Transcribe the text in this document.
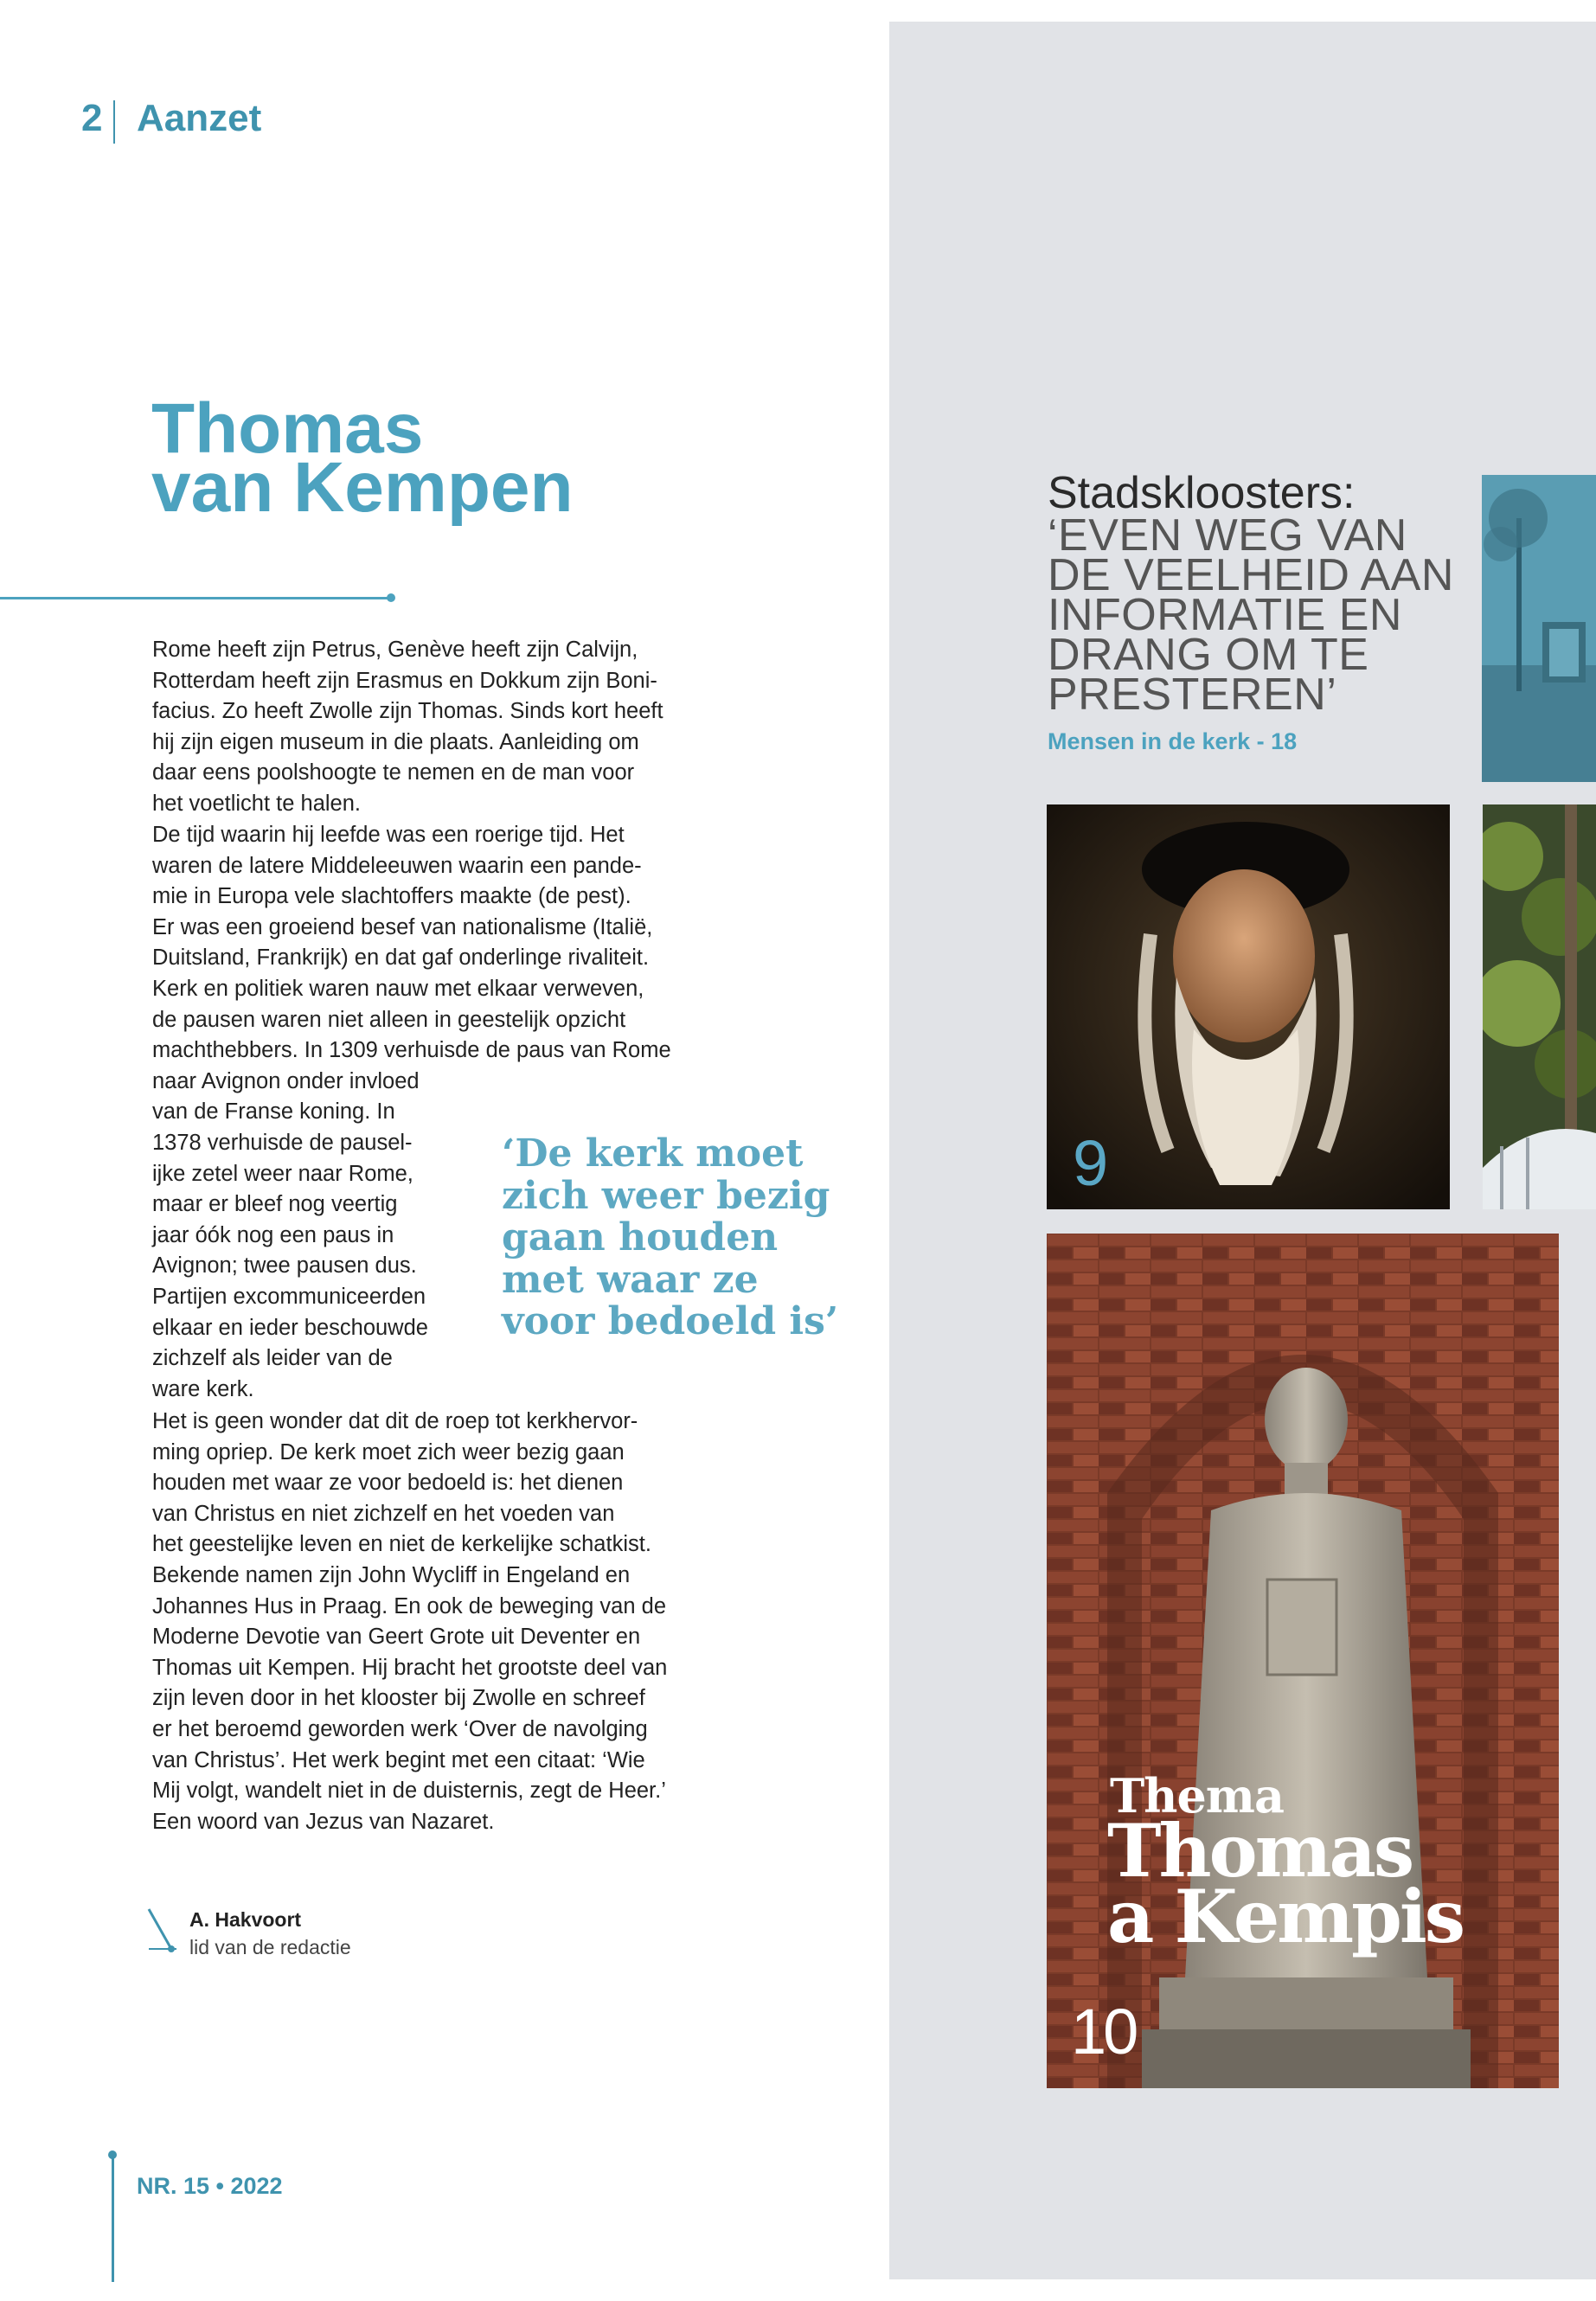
2 Aanzet
Thomas
van Kempen
Rome heeft zijn Petrus, Genève heeft zijn Calvijn,
Rotterdam heeft zijn Erasmus en Dokkum zijn Boni-
facius. Zo heeft Zwolle zijn Thomas. Sinds kort heeft
hij zijn eigen museum in die plaats. Aanleiding om
daar eens poolshoogte te nemen en de man voor
het voetlicht te halen.
De tijd waarin hij leefde was een roerige tijd. Het
waren de latere Middeleeuwen waarin een pande-
mie in Europa vele slachtoffers maakte (de pest).
Er was een groeiend besef van nationalisme (Italië,
Duitsland, Frankrijk) en dat gaf onderlinge rivaliteit.
Kerk en politiek waren nauw met elkaar verweven,
de pausen waren niet alleen in geestelijk opzicht
machthebbers. In 1309 verhuisde de paus van Rome
naar Avignon onder invloed
van de Franse koning. In
1378 verhuisde de pausel-
ijke zetel weer naar Rome,
maar er bleef nog veertig
jaar óók nog een paus in
Avignon; twee pausen dus.
Partijen excommuniceerden
elkaar en ieder beschouwde
zichzelf als leider van de
ware kerk.
‘De kerk moet
zich weer bezig
gaan houden
met waar ze
voor bedoeld is’
Het is geen wonder dat dit de roep tot kerkhervor-
ming opriep. De kerk moet zich weer bezig gaan
houden met waar ze voor bedoeld is: het dienen
van Christus en niet zichzelf en het voeden van
het geestelijke leven en niet de kerkelijke schatkist.
Bekende namen zijn John Wycliff in Engeland en
Johannes Hus in Praag. En ook de beweging van de
Moderne Devotie van Geert Grote uit Deventer en
Thomas uit Kempen. Hij bracht het grootste deel van
zijn leven door in het klooster bij Zwolle en schreef
er het beroemd geworden werk ‘Over de navolging
van Christus’. Het werk begint met een citaat: ‘Wie
Mij volgt, wandelt niet in de duisternis, zegt de Heer.’
Een woord van Jezus van Nazaret.
A. Hakvoort
lid van de redactie
NR. 15 • 2022
Stadskloosters:
‘EVEN WEG VAN
DE VEELHEID AAN
INFORMATIE EN
DRANG OM TE
PRESTEREN’
Mensen in de kerk - 18
9
Thema
Thomas
a Kempis
10
